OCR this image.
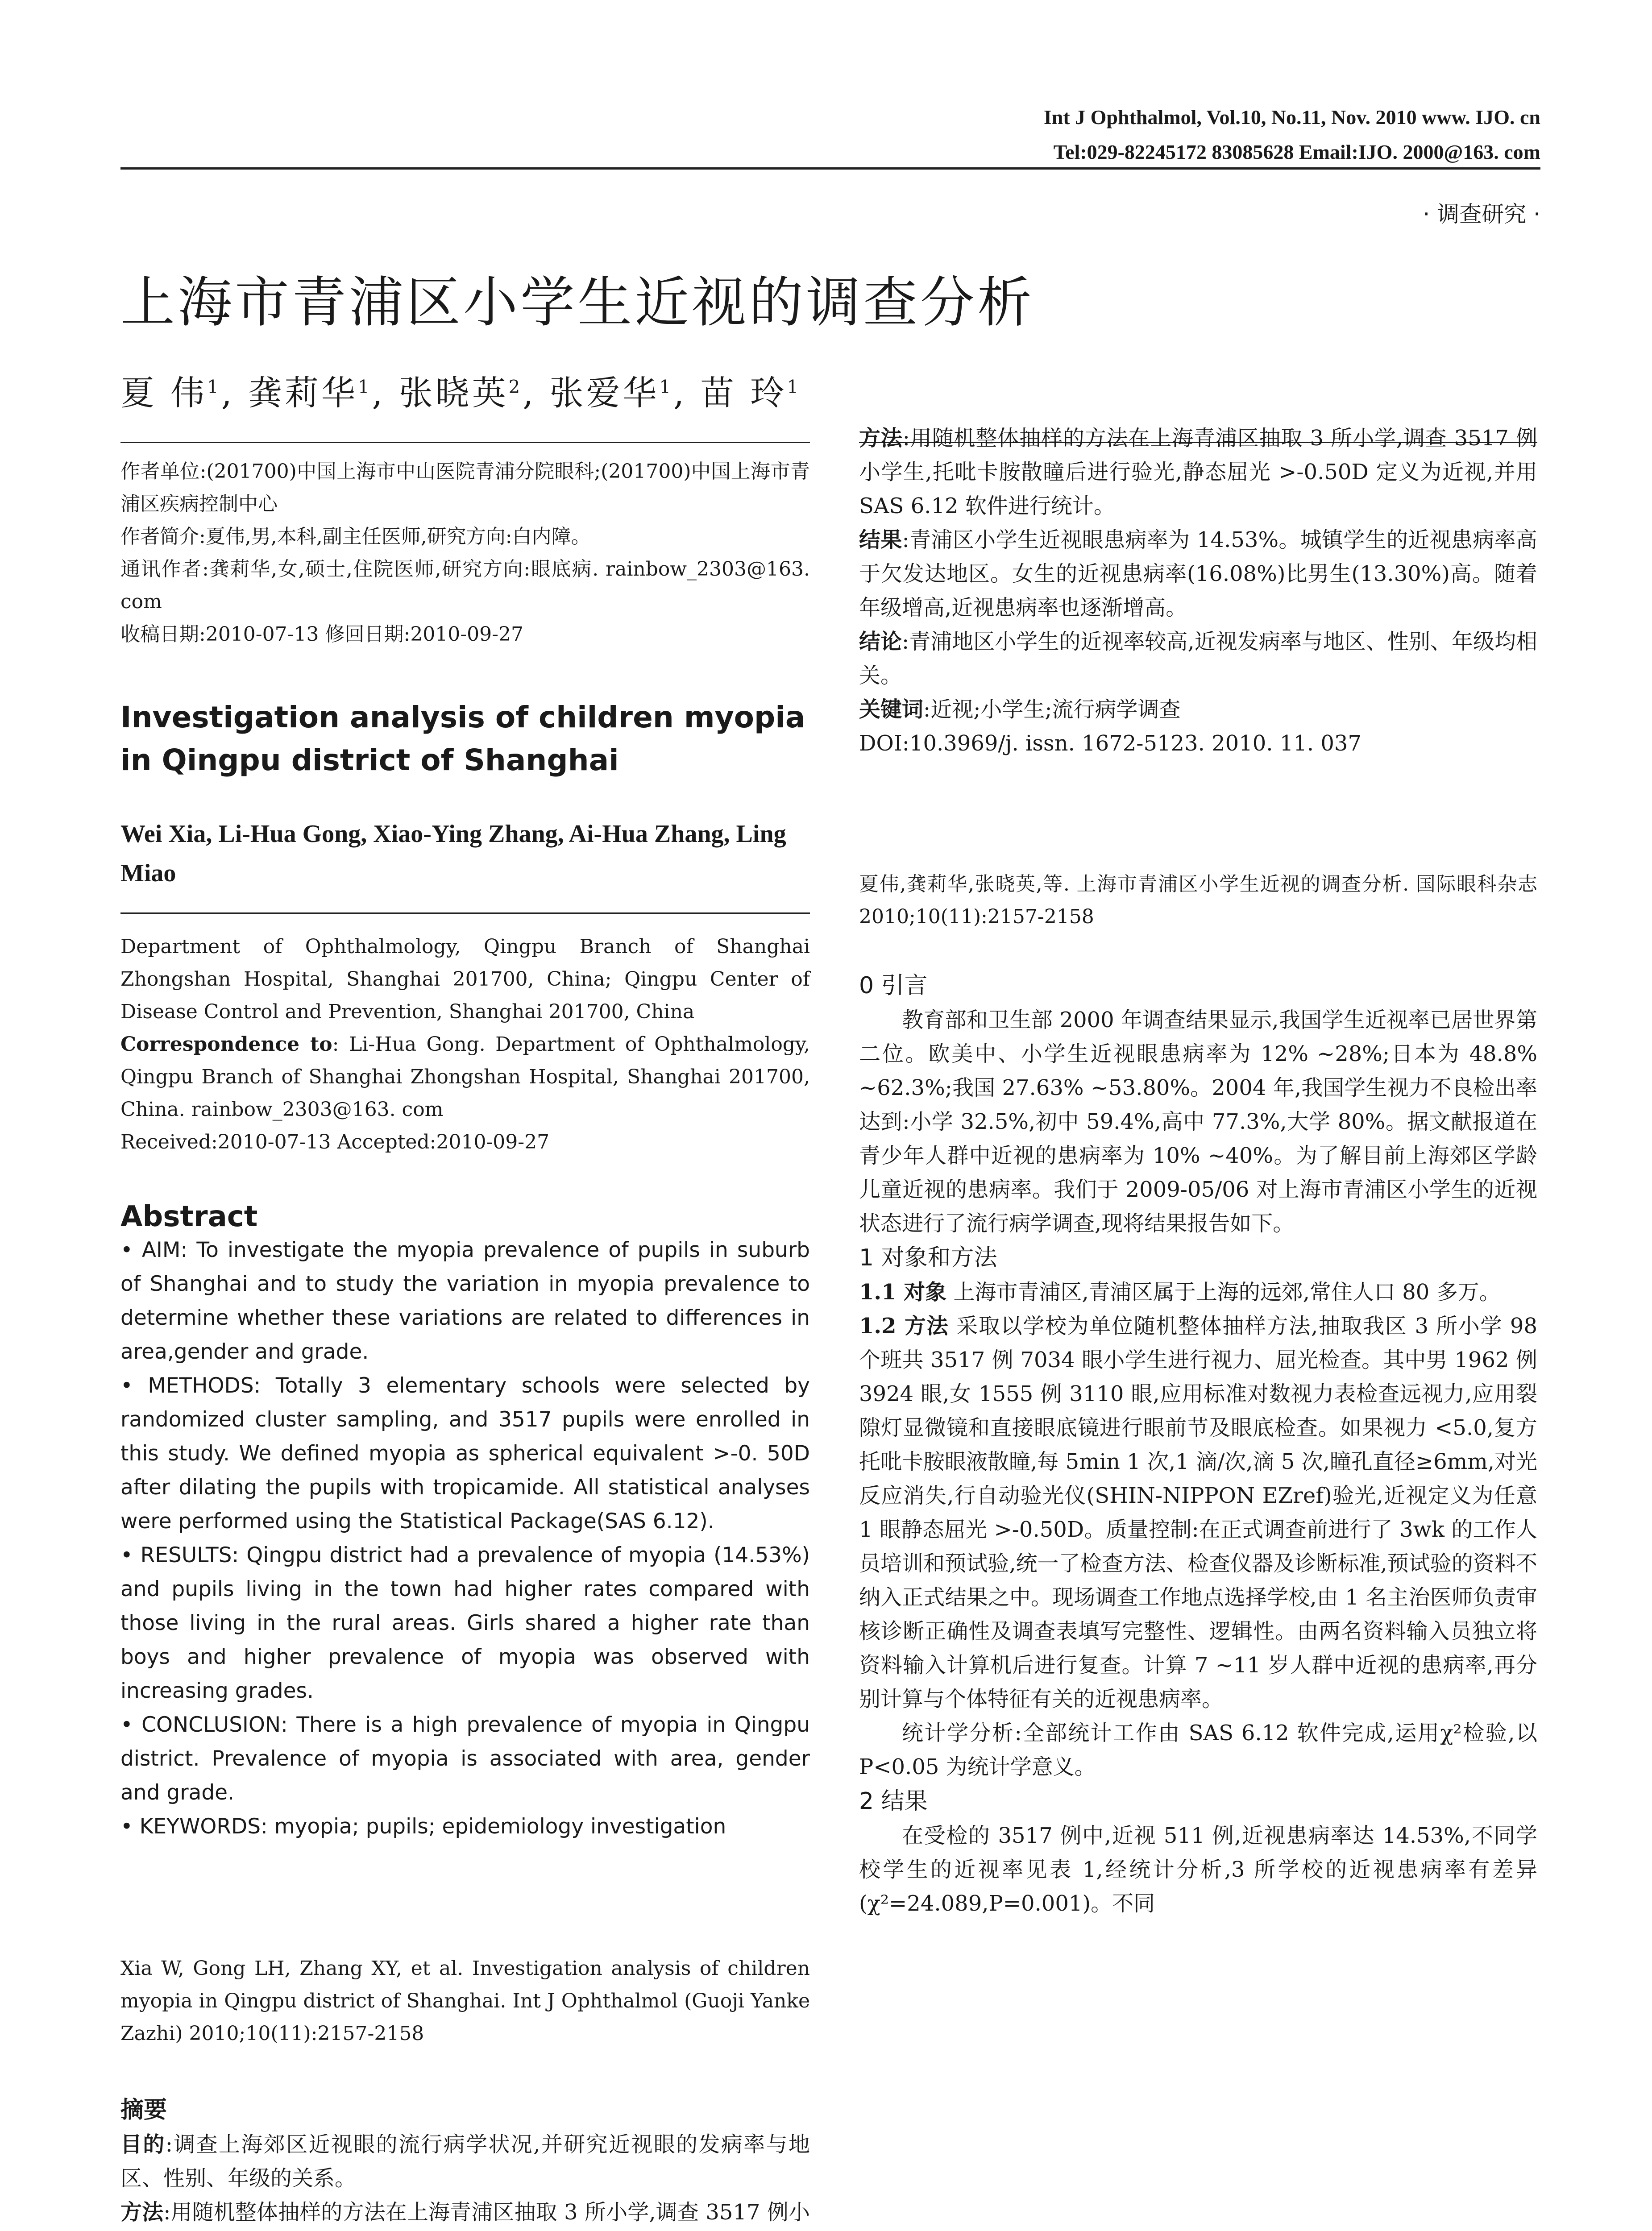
Int J Ophthalmol, Vol.10, No.11, Nov. 2010 www. IJO. cn
Tel:029-82245172 83085628 Email:IJO. 2000@163. com
· 调查研究 ·
上海市青浦区小学生近视的调查分析
夏 伟$^1$, 龚莉华$^1$, 张晓英$^2$, 张爱华$^1$, 苗 玲$^1$

作者单位:(201700)中国上海市中山医院青浦分院眼科;(201700)中国上海市青浦区疾病控制中心

作者简介:夏伟,男,本科,副主任医师,研究方向:白内障。

通讯作者:龚莉华,女,硕士,住院医师,研究方向:眼底病. rainbow_2303@163. com

收稿日期:2010-07-13 修回日期:2010-09-27

Investigation analysis of children myopia in Qingpu district of Shanghai

Wei Xia, Li-Hua Gong, Xiao-Ying Zhang, Ai-Hua Zhang, Ling Miao

Department of Ophthalmology, Qingpu Branch of Shanghai Zhongshan Hospital, Shanghai 201700, China; Qingpu Center of Disease Control and Prevention, Shanghai 201700, China

Correspondence to: Li-Hua Gong. Department of Ophthalmology, Qingpu Branch of Shanghai Zhongshan Hospital, Shanghai 201700, China. rainbow_2303@163. com

Received:2010-07-13 Accepted:2010-09-27

Abstract

• AIM: To investigate the myopia prevalence of pupils in suburb of Shanghai and to study the variation in myopia prevalence to determine whether these variations are related to differences in area,gender and grade.

• METHODS: Totally 3 elementary schools were selected by randomized cluster sampling, and 3517 pupils were enrolled in this study. We defined myopia as spherical equivalent >-0. 50D after dilating the pupils with tropicamide. All statistical analyses were performed using the Statistical Package(SAS 6.12).

• RESULTS: Qingpu district had a prevalence of myopia (14.53%) and pupils living in the town had higher rates compared with those living in the rural areas. Girls shared a higher rate than boys and higher prevalence of myopia was observed with increasing grades.

• CONCLUSION: There is a high prevalence of myopia in Qingpu district. Prevalence of myopia is associated with area, gender and grade.

• KEYWORDS: myopia; pupils; epidemiology investigation

Xia W, Gong LH, Zhang XY, et al. Investigation analysis of children myopia in Qingpu district of Shanghai. Int J Ophthalmol (Guoji Yanke Zazhi) 2010;10(11):2157-2158

摘要

目的:调查上海郊区近视眼的流行病学状况,并研究近视眼的发病率与地区、性别、年级的关系。

方法:用随机整体抽样的方法在上海青浦区抽取 3 所小学,调查 3517 例小

方法:用随机整体抽样的方法在上海青浦区抽取 3 所小学,调查 3517 例小学生,托吡卡胺散瞳后进行验光,静态屈光 >-0.50D 定义为近视,并用 SAS 6.12 软件进行统计。

结果:青浦区小学生近视眼患病率为 14.53%。城镇学生的近视患病率高于欠发达地区。女生的近视患病率(16.08%)比男生(13.30%)高。随着年级增高,近视患病率也逐渐增高。

结论:青浦地区小学生的近视率较高,近视发病率与地区、性别、年级均相关。

关键词:近视;小学生;流行病学调查

DOI:10.3969/j. issn. 1672-5123. 2010. 11. 037

夏伟,龚莉华,张晓英,等. 上海市青浦区小学生近视的调查分析. 国际眼科杂志 2010;10(11):2157-2158

0 引言

教育部和卫生部 2000 年调查结果显示,我国学生近视率已居世界第二位。欧美中、小学生近视眼患病率为 12% ~28%;日本为 48.8% ~62.3%;我国 27.63% ~53.80%。2004 年,我国学生视力不良检出率达到:小学 32.5%,初中 59.4%,高中 77.3%,大学 80%。据文献报道在青少年人群中近视的患病率为 10% ~40%。为了解目前上海郊区学龄儿童近视的患病率。我们于 2009-05/06 对上海市青浦区小学生的近视状态进行了流行病学调查,现将结果报告如下。

1 对象和方法

1.1 对象 上海市青浦区,青浦区属于上海的远郊,常住人口 80 多万。

1.2 方法 采取以学校为单位随机整体抽样方法,抽取我区 3 所小学 98 个班共 3517 例 7034 眼小学生进行视力、屈光检查。其中男 1962 例 3924 眼,女 1555 例 3110 眼,应用标准对数视力表检查远视力,应用裂隙灯显微镜和直接眼底镜进行眼前节及眼底检查。如果视力 <5.0,复方托吡卡胺眼液散瞳,每 5min 1 次,1 滴/次,滴 5 次,瞳孔直径≥6mm,对光反应消失,行自动验光仪(SHIN-NIPPON EZref)验光,近视定义为任意 1 眼静态屈光 >-0.50D。质量控制:在正式调查前进行了 3wk 的工作人员培训和预试验,统一了检查方法、检查仪器及诊断标准,预试验的资料不纳入正式结果之中。现场调查工作地点选择学校,由 1 名主治医师负责审核诊断正确性及调查表填写完整性、逻辑性。由两名资料输入员独立将资料输入计算机后进行复查。计算 7 ~11 岁人群中近视的患病率,再分别计算与个体特征有关的近视患病率。

统计学分析:全部统计工作由 SAS 6.12 软件完成,运用χ²检验,以 P<0.05 为统计学意义。

2 结果

在受检的 3517 例中,近视 511 例,近视患病率达 14.53%,不同学校学生的近视率见表 1,经统计分析,3 所学校的近视患病率有差异(χ²=24.089,P=0.001)。不同
